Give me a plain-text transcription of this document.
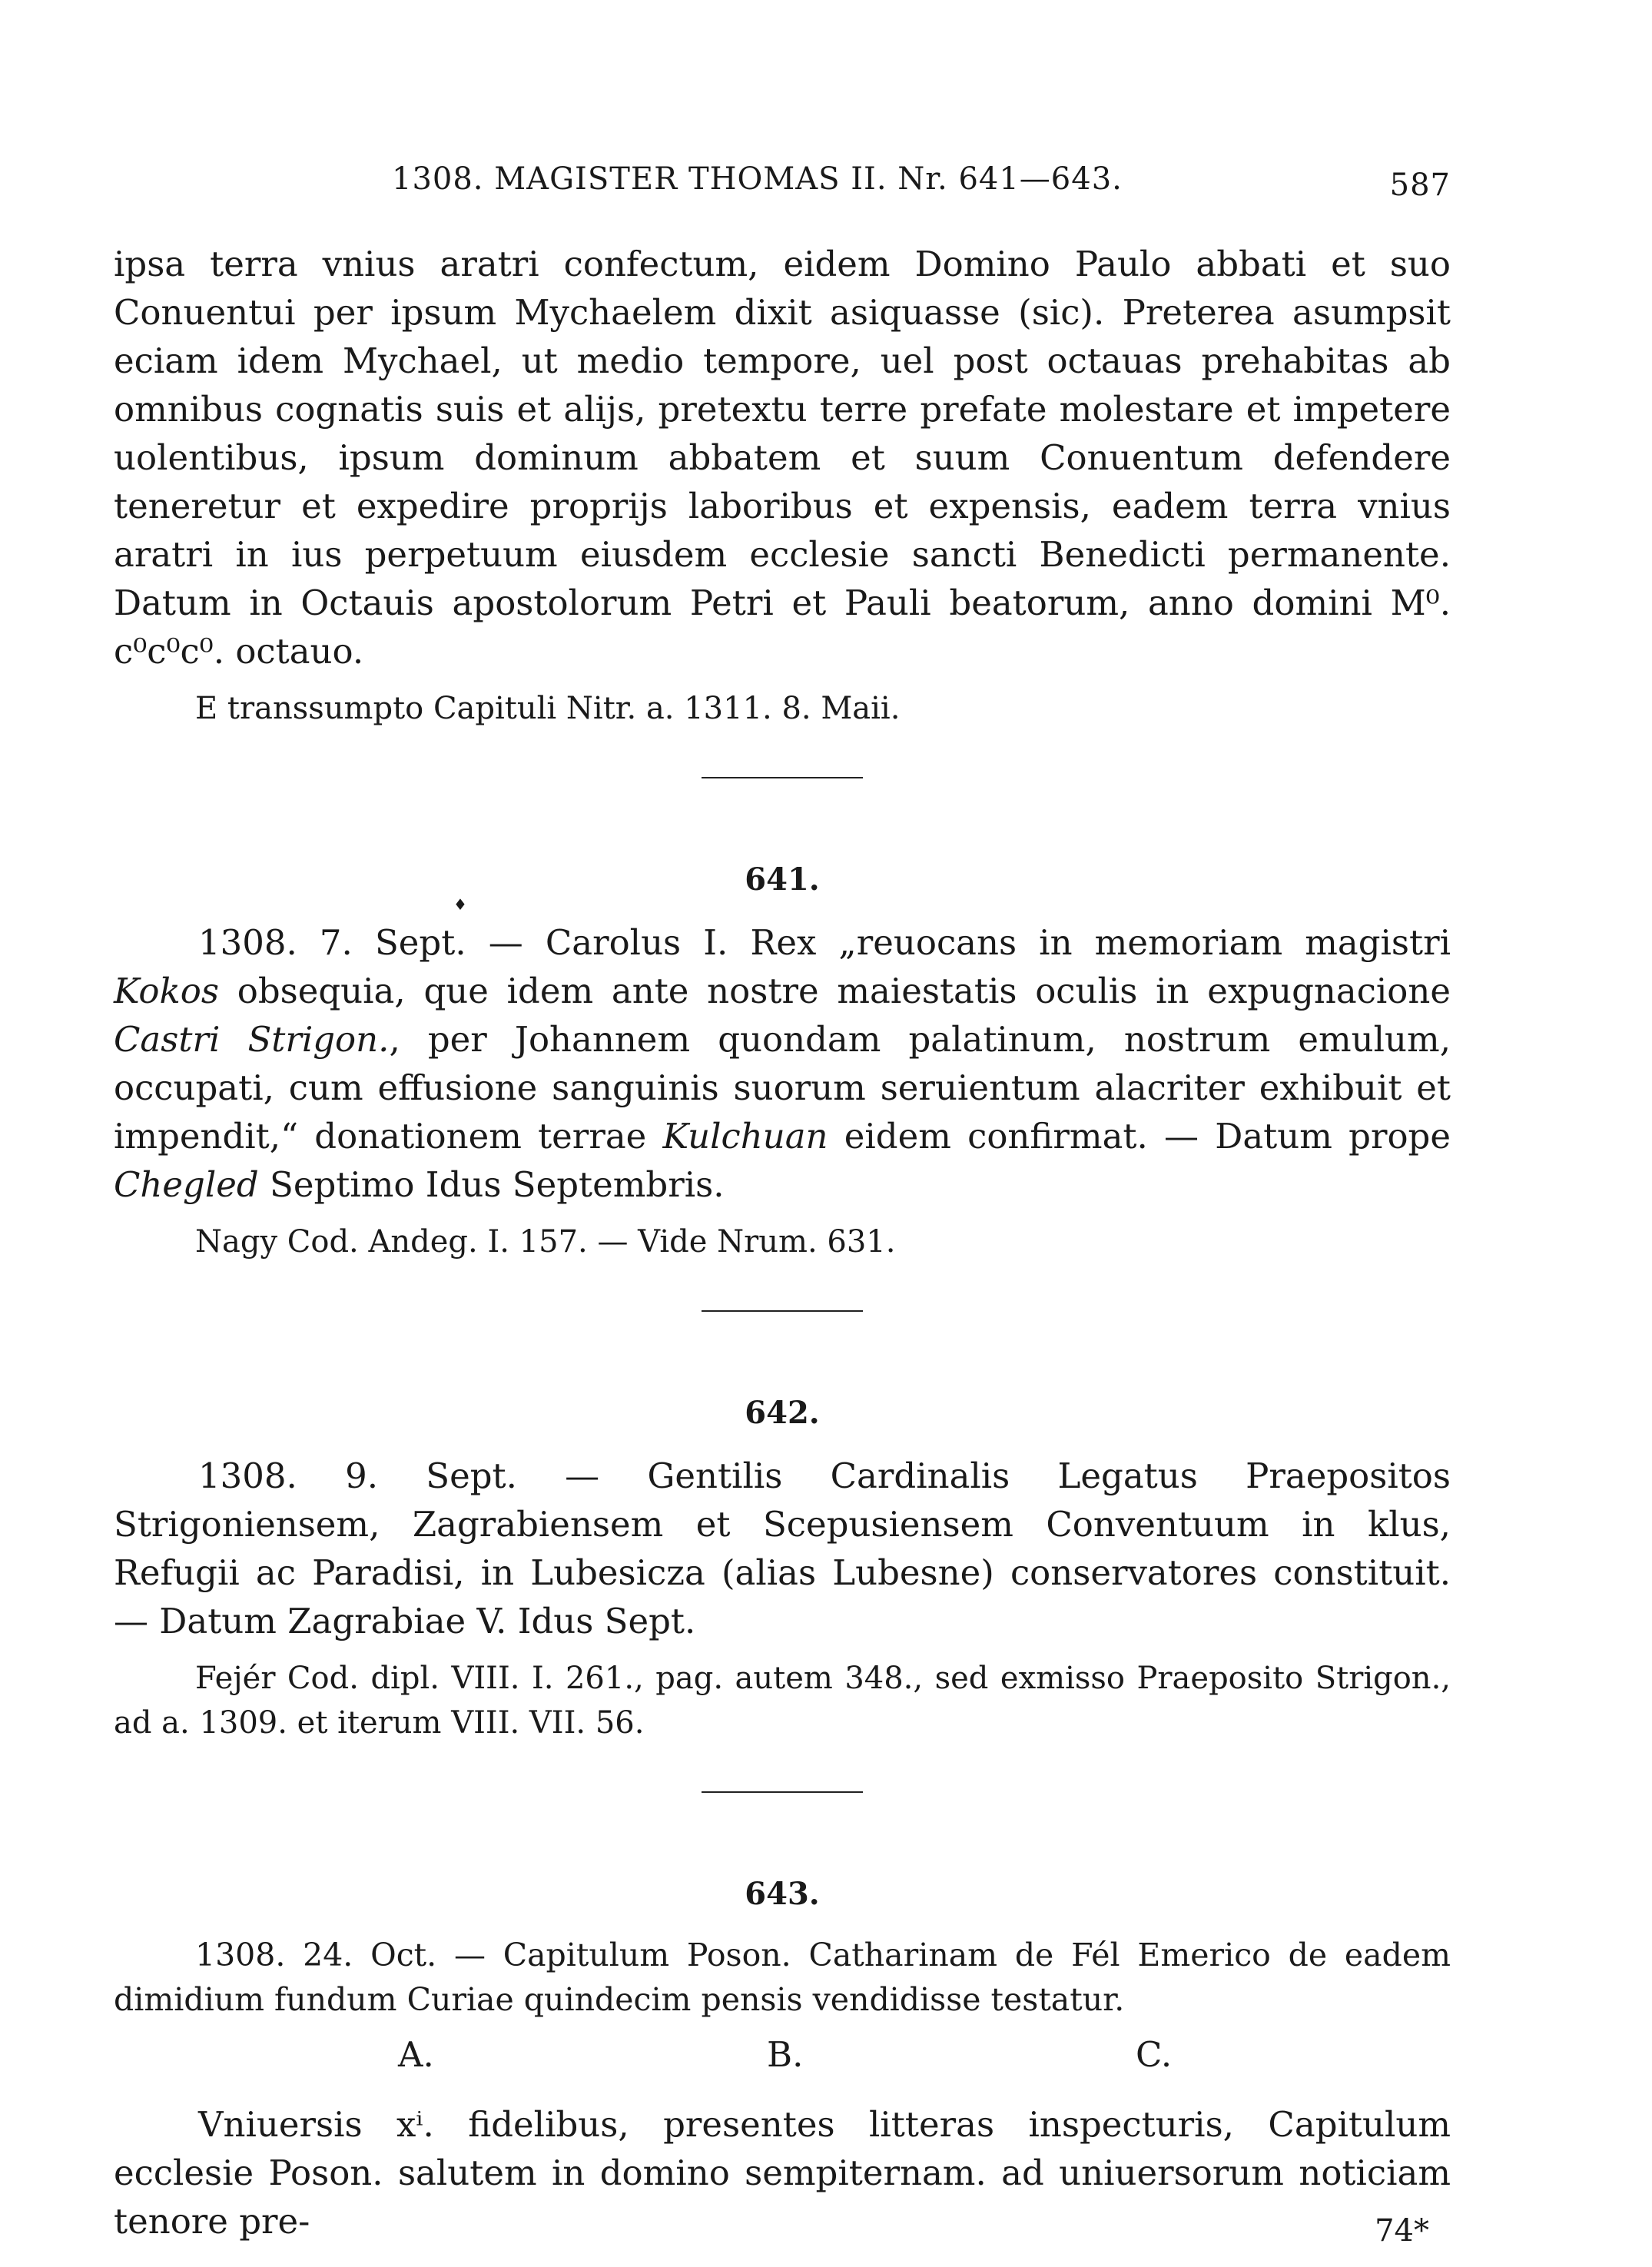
1308. MAGISTER THOMAS II. Nr. 641—643.	587

ipsa terra vnius aratri confectum, eidem Domino Paulo abbati et suo Conuentui per ipsum Mychaelem dixit asiquasse (sic). Preterea asumpsit eciam idem Mychael, ut medio tempore, uel post octauas prehabitas ab omnibus cognatis suis et alijs, pretextu terre prefate molestare et impetere uolentibus, ipsum dominum abbatem et suum Conuentum defendere teneretur et expedire proprijs laboribus et expensis, eadem terra vnius aratri in ius perpetuum eiusdem ecclesie sancti Benedicti permanente. Datum in Octauis apostolorum Petri et Pauli beatorum, anno domini M⁰. c⁰c⁰c⁰. octauo.

E transsumpto Capituli Nitr. a. 1311. 8. Maii.

641.
♦

1308. 7. Sept. — Carolus I. Rex „reuocans in memoriam magistri Kokos obsequia, que idem ante nostre maiestatis oculis in expugnacione Castri Strigon., per Johannem quondam palatinum, nostrum emulum, occupati, cum effusione sanguinis suorum seruientum alacriter exhibuit et impendit,“ donationem terrae Kulchuan eidem confirmat. — Datum prope Chegled Septimo Idus Septembris.

Nagy Cod. Andeg. I. 157. — Vide Nrum. 631.

642.

1308. 9. Sept. — Gentilis Cardinalis Legatus Praepositos Strigoniensem, Zagrabiensem et Scepusiensem Conventuum in klus, Refugii ac Paradisi, in Lubesicza (alias Lubesne) conservatores constituit. — Datum Zagrabiae V. Idus Sept.

Fejér Cod. dipl. VIII. I. 261., pag. autem 348., sed exmisso Praeposito Strigon., ad a. 1309. et iterum VIII. VII. 56.

643.

1308. 24. Oct. — Capitulum Poson. Catharinam de Fél Emerico de eadem dimidium fundum Curiae quindecim pensis vendidisse testatur.

A.	B.	C.

Vniuersis xⁱ. fidelibus, presentes litteras inspecturis, Capitulum ecclesie Poson. salutem in domino sempiternam. ad uniuersorum noticiam tenore pre-	74*
